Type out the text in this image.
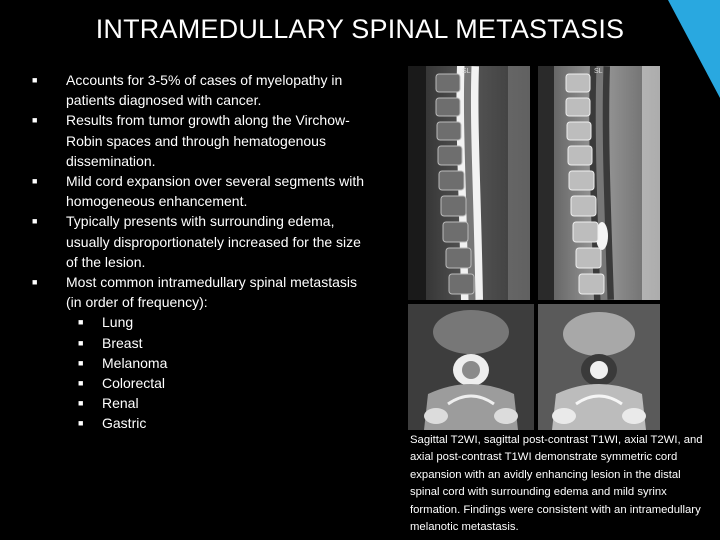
INTRAMEDULLARY SPINAL METASTASIS
■ Accounts for 3-5% of cases of myelopathy in patients diagnosed with cancer.
■ Results from tumor growth along the Virchow-Robin spaces and through hematogenous dissemination.
■ Mild cord expansion over several segments with homogeneous enhancement.
■ Typically presents with surrounding edema, usually disproportionately increased for the size of the lesion.
■ Most common intramedullary spinal metastasis (in order of frequency):
■ Lung
■ Breast
■ Melanoma
■ Colorectal
■ Renal
■ Gastric
SL	SL
Sagittal T2WI, sagittal post-contrast T1WI, axial T2WI, and axial post-contrast T1WI demonstrate symmetric cord expansion with an avidly enhancing lesion in the distal spinal cord with surrounding edema and mild syrinx formation. Findings were consistent with an intramedullary melanotic metastasis.
